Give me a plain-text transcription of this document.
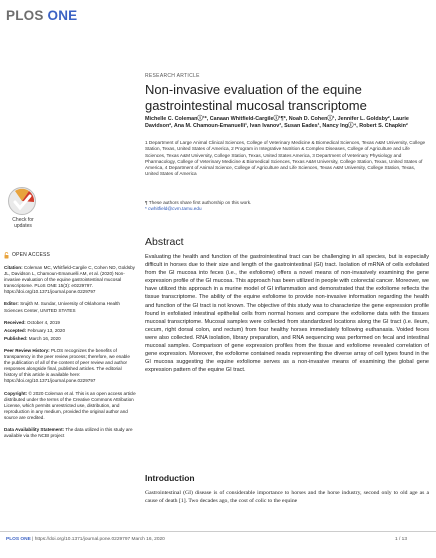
PLOS ONE
RESEARCH ARTICLE
Non-invasive evaluation of the equine gastrointestinal mucosal transcriptome
Michelle C. Colemanⓘ¹*, Canaan Whitfield-Cargileⓘ¹¶*, Noah D. Cohenⓘ¹, Jennifer L. Goldsby², Laurie Davidson², Ana M. Chamoun-Emanuelli¹, Ivan Ivanov³, Susan Eades¹, Nancy Ingⓘ⁴, Robert S. Chapkin²
1 Department of Large Animal Clinical Sciences, College of Veterinary Medicine & Biomedical Sciences, Texas A&M University, College Station, Texas, United States of America, 2 Program in Integrative Nutrition & Complex Diseases, College of Agriculture and Life Sciences, Texas A&M University, College Station, Texas, United States America, 3 Department of Veterinary Physiology and Pharmacology, College of Veterinary Medicine & Biomedical Sciences, Texas A&M University, College Station, Texas, United States of America, 4 Department of Animal Science, College of Agriculture and Life Sciences, Texas A&M University, College Station, Texas, United States of America
¶ These authors share first authorship on this work.
* cwhitfield@cvm.tamu.edu
Check for
updates
OPEN ACCESS

Citation: Coleman MC, Whitfield-Cargile C, Cohen ND, Goldsby JL, Davidson L, Chamoun-Emanuelli AM, et al. (2020) Non-invasive evaluation of the equine gastrointestinal mucosal transcriptome. PLoS ONE 15(3): e0229797. https://doi.org/10.1371/journal.pone.0229797

Editor: Srujith M. Sundar, University of Oklahoma Health Sciences Center, UNITED STATES

Received: October 4, 2019

Accepted: February 13, 2020

Published: March 16, 2020

Peer Review History: PLOS recognizes the benefits of transparency in the peer review process; therefore, we enable the publication of all of the content of peer review and author responses alongside final, published articles. The editorial history of this article is available here: https://doi.org/10.1371/journal.pone.0229797

Copyright: © 2020 Coleman et al. This is an open access article distributed under the terms of the Creative Commons Attribution License, which permits unrestricted use, distribution, and reproduction in any medium, provided the original author and source are credited.

Data Availability Statement: The data utilized in this study are available via the NCBI project

Abstract
Evaluating the health and function of the gastrointestinal tract can be challenging in all species, but is especially difficult in horses due to their size and length of the gastrointestinal (GI) tract. Isolation of mRNA of cells exfoliated from the GI mucosa into feces (i.e., the exfoliome) offers a novel means of non-invasively examining the gene expression profile of the GI mucosa. This approach has been utilized in people with colorectal cancer. Moreover, we have utilized this approach in a murine model of GI inflammation and demonstrated that the exfoliome reflects the tissue transcriptome. The ability of the equine exfoliome to provide non-invasive information regarding the health and function of the GI tract is not known. The objective of this study was to characterize the gene expression profile found in exfoliated intestinal epithelial cells from normal horses and compare the exfoliome data with the tissues mucosal transcriptome. Mucosal samples were collected from standardized locations along the GI tract (i.e. ileum, cecum, right dorsal colon, and rectum) from four healthy horses immediately following euthanasia. Voided feces were also collected. RNA isolation, library preparation, and RNA sequencing was performed on fecal and intestinal mucosal samples. Comparison of gene expression profiles from the tissue and exfoliome revealed correlation of gene expression. Moreover, the exfoliome contained reads representing the diverse array of cell types found in the GI mucosa suggesting the equine exfoliome serves as a non-invasive means of examining the global gene expression pattern of the equine GI tract.
Introduction
Gastrointestinal (GI) disease is of considerable importance to horses and the horse industry, second only to old age as a cause of death [1]. Two decades ago, the cost of colic to the equine
PLOS ONE | https://doi.org/10.1371/journal.pone.0229797 March 16, 2020	1 / 13
